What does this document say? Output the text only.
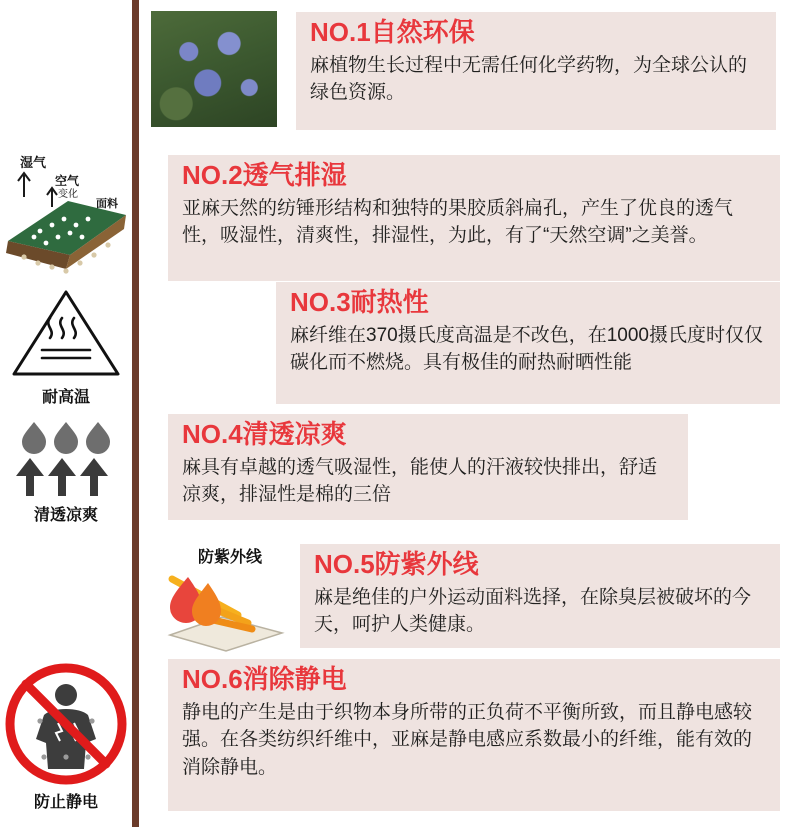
NO.1自然环保

麻植物生长过程中无需任何化学药物，为全球公认的绿色资源。

湿气
空气
变化
面料

NO.2透气排湿

亚麻天然的纺锤形结构和独特的果胶质斜扁孔，产生了优良的透气性，吸湿性，清爽性，排湿性，为此，有了“天然空调”之美誉。

耐高温

NO.3耐热性

麻纤维在370摄氏度高温是不改色，在1000摄氏度时仅仅碳化而不燃烧。具有极佳的耐热耐晒性能

清透凉爽

NO.4清透凉爽

麻具有卓越的透气吸湿性，能使人的汗液较快排出，舒适凉爽，排湿性是棉的三倍

防紫外线	NO.5防紫外线

麻是绝佳的户外运动面料选择，在除臭层被破坏的今天，呵护人类健康。

防止静电

NO.6消除静电

静电的产生是由于织物本身所带的正负荷不平衡所致，而且静电感较强。在各类纺织纤维中，亚麻是静电感应系数最小的纤维，能有效的消除静电。
